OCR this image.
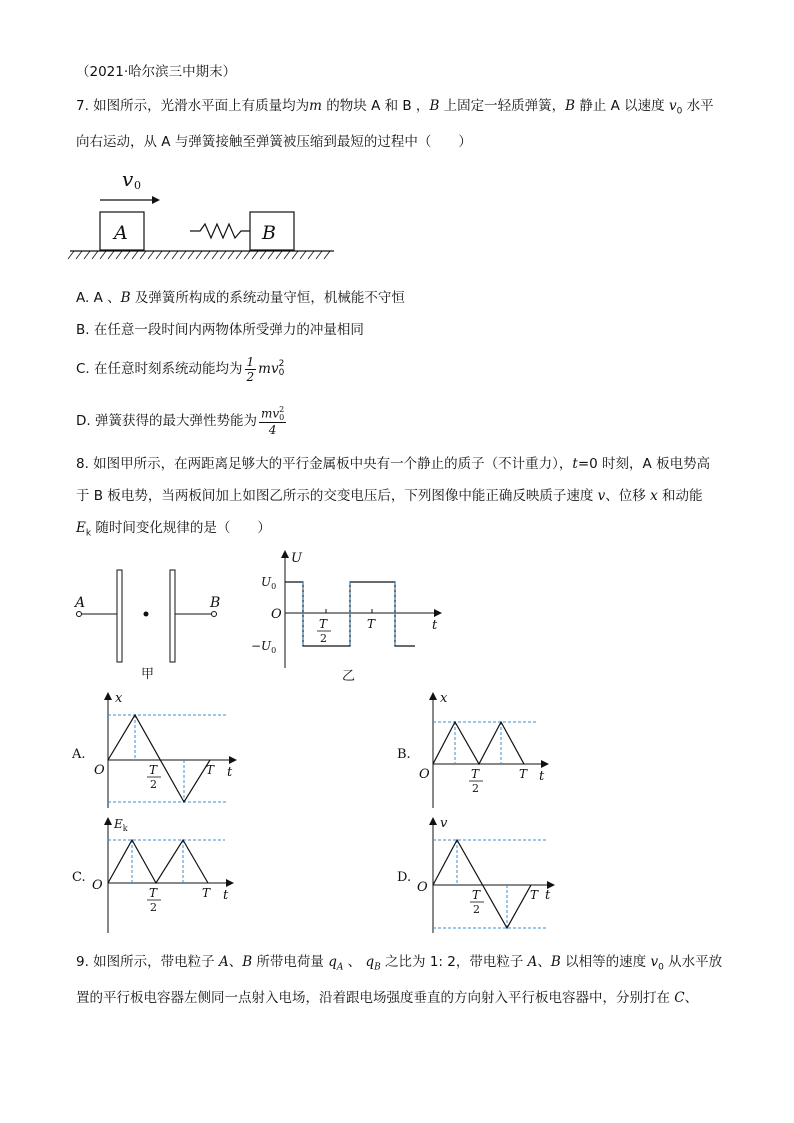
（2021·哈尔滨三中期末）
7. 如图所示，光滑水平面上有质量均为m 的物块 A 和 B ，B 上固定一轻质弹簧，B 静止 A 以速度 $v_0$ 水平
向右运动，从 A 与弹簧接触至弹簧被压缩到最短的过程中（　　）
v 0
A	B
A. A 、B 及弹簧所构成的系统动量守恒，机械能不守恒
B. 在任意一段时间内两物体所受弹力的冲量相同
C. 在任意时刻系统动能均为 $\frac{1}{2}$ mv 2
0
D. 弹簧获得的最大弹性势能为 mv 2
0
4
8. 如图甲所示，在两距离足够大的平行金属板中央有一个静止的质子（不计重力），t=0 时刻，A 板电势高
于 B 板电势，当两板间加上如图乙所示的交变电压后，下列图像中能正确反映质子速度 v、位移 x 和动能
$E_k$ 随时间变化规律的是（　　）
A	B
甲
U
t
O
$U_0$
$-U_0$
T
2
T
乙
A.
x
t
O	T
2
T
B.
x
t
O	T
2
T
C.
$E_k$
t
O	T
2
T
D.
v
t
O	T
2
T
9. 如图所示，带电粒子 A、B 所带电荷量 $q_A$ 、 $q_B$ 之比为 1: 2，带电粒子 A、B 以相等的速度 $v_0$ 从水平放
置的平行板电容器左侧同一点射入电场，沿着跟电场强度垂直的方向射入平行板电容器中，分别打在 C、
